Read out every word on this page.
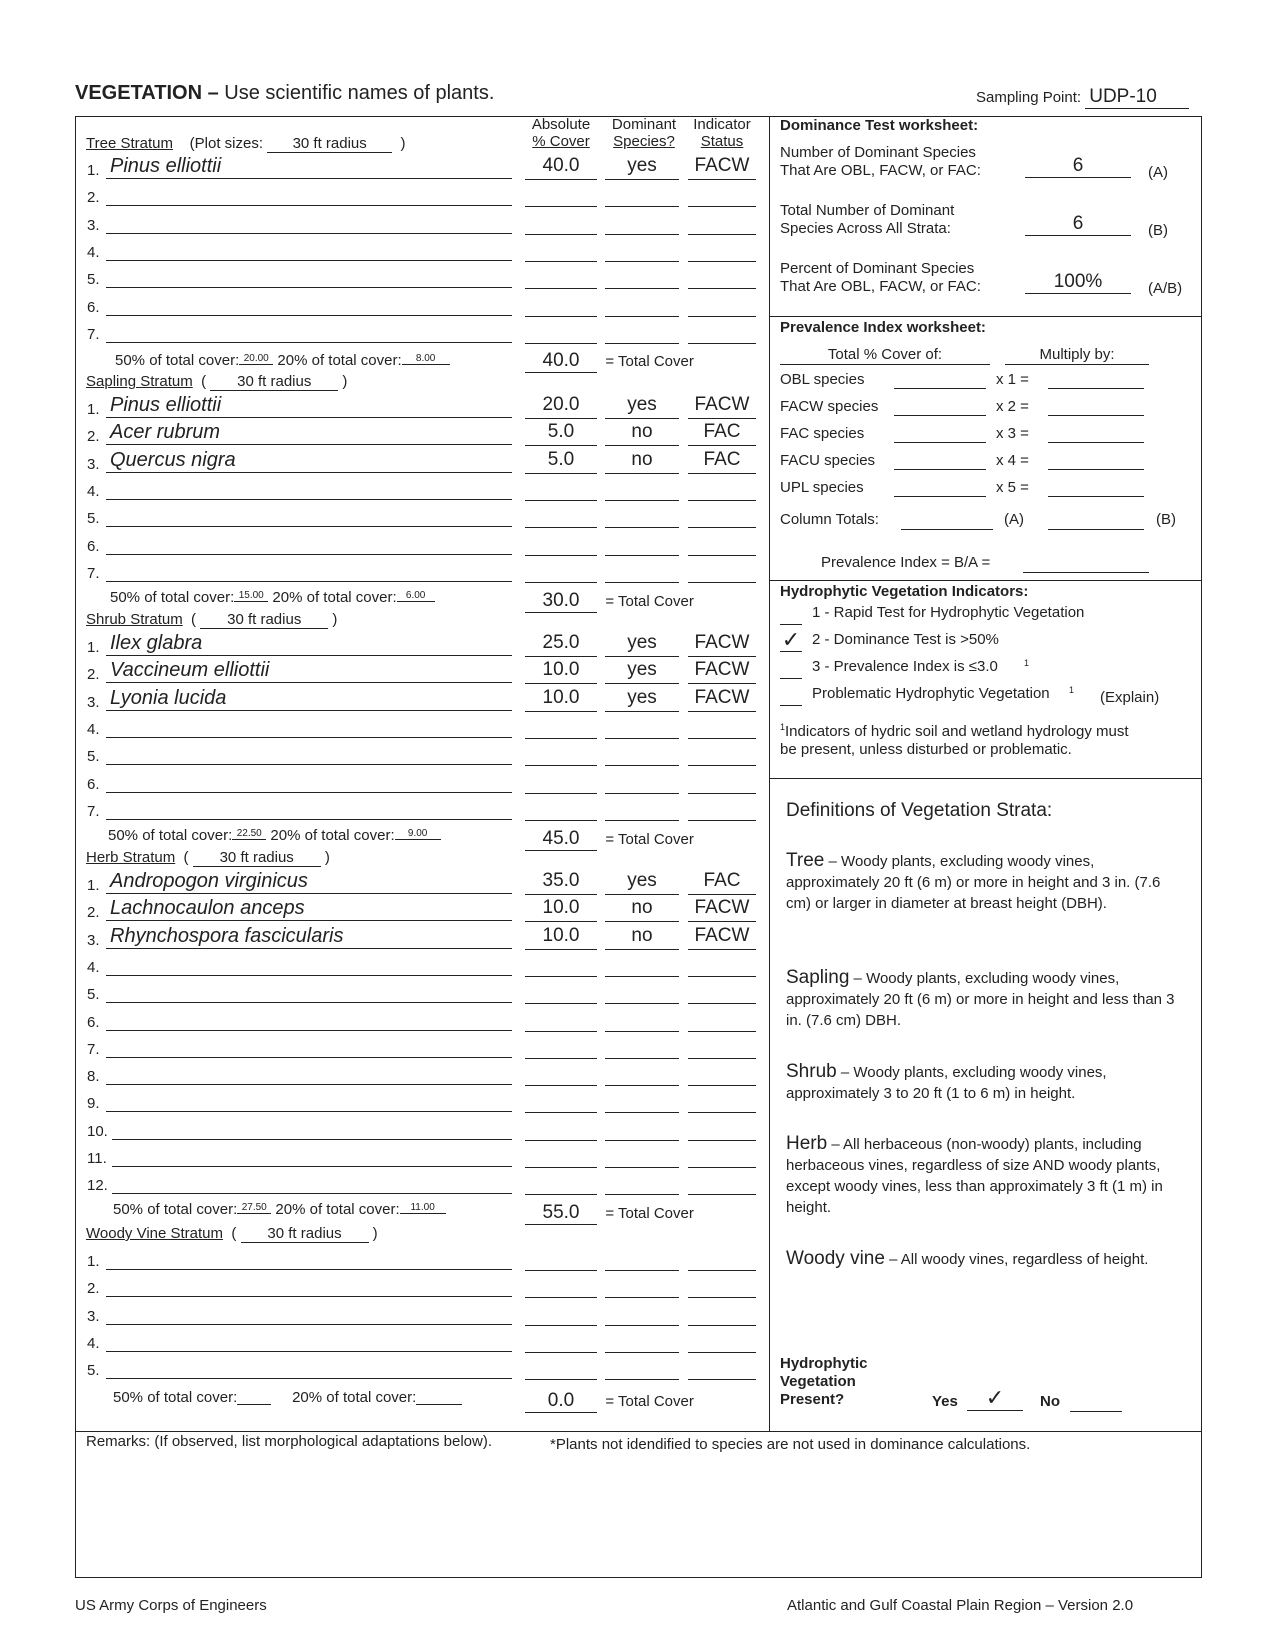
VEGETATION – Use scientific names of plants.	Sampling Point: UDP-10
Absolute
% Cover
Dominant
Species?
Indicator
Status
Tree Stratum (Plot sizes: 30 ft radius  )
1. Pinus elliottii	40.0	yes	FACW
2.
3.
4.
5.
6.
7.
50% of total cover: 20.00 20% of total cover: 8.00	40.0 = Total Cover
Sapling Stratum  ( 30 ft radius )
1. Pinus elliottii	20.0	yes	FACW
2. Acer rubrum	5.0	no	FAC
3. Quercus nigra	5.0	no	FAC
4.
5.
6.
7.
50% of total cover: 15.00 20% of total cover: 6.00	30.0 = Total Cover
Shrub Stratum  ( 30 ft radius )
1. Ilex glabra	25.0	yes	FACW
2. Vaccineum elliottii	10.0	yes	FACW
3. Lyonia lucida	10.0	yes	FACW
4.
5.
6.
7.
50% of total cover: 22.50 20% of total cover: 9.00	45.0 = Total Cover
Herb Stratum  ( 30 ft radius )
1. Andropogon virginicus	35.0	yes	FAC
2. Lachnocaulon anceps	10.0	no	FACW
3. Rhynchospora fascicularis	10.0	no	FACW
4.
5.
6.
7.
8.
9.
10.
11.
12.
50% of total cover: 27.50 20% of total cover: 11.00	55.0 = Total Cover
Woody Vine Stratum  ( 30 ft radius )
1.
2.
3.
4.
5.
50% of total cover:	20% of total cover:	0.0 = Total Cover
Dominance Test worksheet:
Number of Dominant Species
That Are OBL, FACW, or FAC:	6	(A)
Total Number of Dominant
Species Across All Strata:	6	(B)
Percent of Dominant Species
That Are OBL, FACW, or FAC:	100%	(A/B)
Prevalence Index worksheet:
Total % Cover of:	Multiply by:
OBL species	x 1 =
FACW species	x 2 =
FAC species	x 3 =
FACU species	x 4 =
UPL species	x 5 =
Column Totals:	(A)	(B)
Prevalence Index = B/A =
Hydrophytic Vegetation Indicators:
1 - Rapid Test for Hydrophytic Vegetation
✓ 2 - Dominance Test is >50%
3 - Prevalence Index is ≤3.0	1
Problematic Hydrophytic Vegetation 1 (Explain)
$^1$Indicators of hydric soil and wetland hydrology must
be present, unless disturbed or problematic.
Definitions of Vegetation Strata:
Tree – Woody plants, excluding woody vines, approximately 20 ft (6 m) or more in height and 3 in. (7.6 cm) or larger in diameter at breast height (DBH).
Sapling – Woody plants, excluding woody vines, approximately 20 ft (6 m) or more in height and less than 3 in. (7.6 cm) DBH.
Shrub – Woody plants, excluding woody vines, approximately 3 to 20 ft (1 to 6 m) in height.
Herb – All herbaceous (non-woody) plants, including herbaceous vines, regardless of size AND woody plants, except woody vines, less than approximately 3 ft (1 m) in height.
Woody vine – All woody vines, regardless of height.
Hydrophytic
Vegetation
Present?	Yes	✓	No
Remarks: (If observed, list morphological adaptations below).	*Plants not idendified to species are not used in dominance calculations.
US Army Corps of Engineers	Atlantic and Gulf Coastal Plain Region – Version 2.0
